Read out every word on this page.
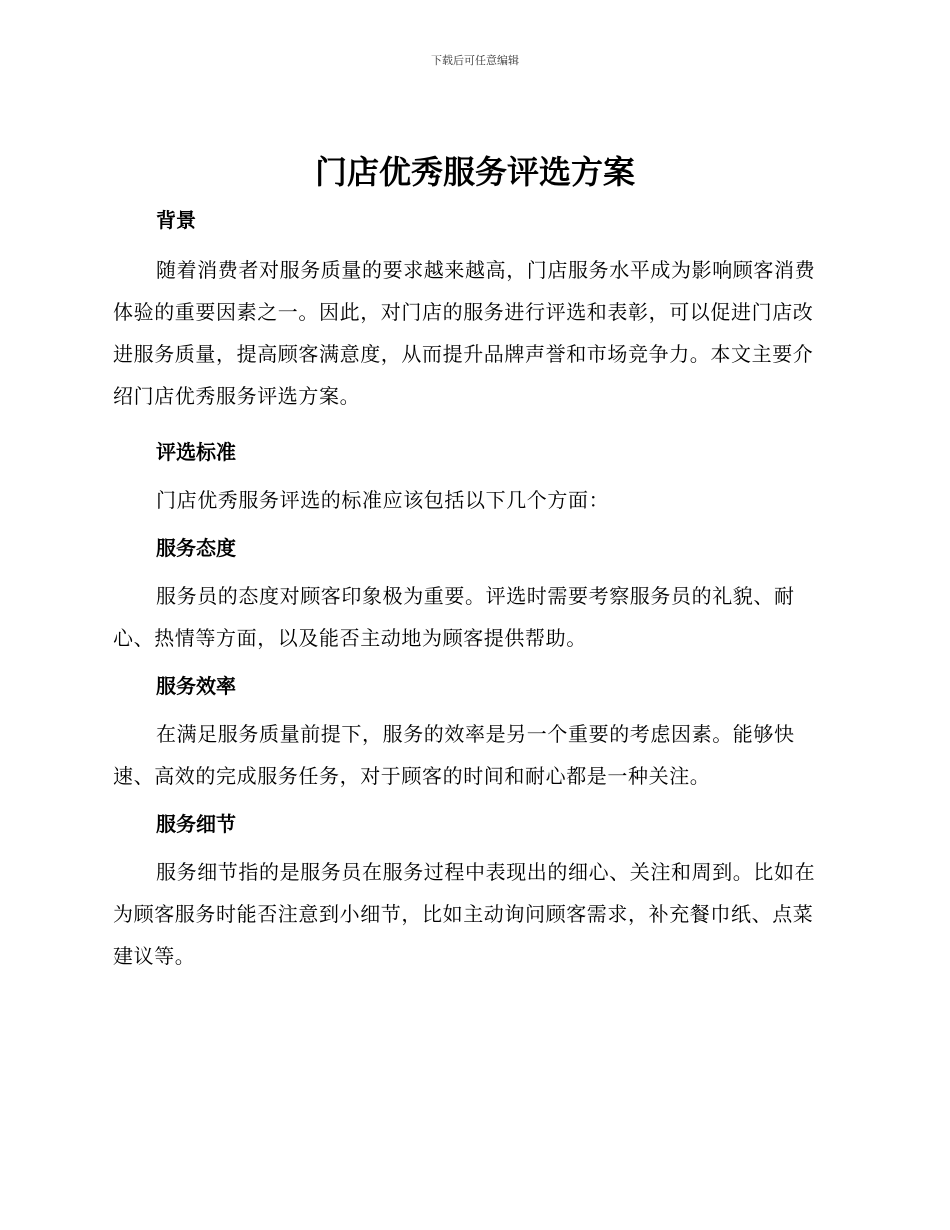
下载后可任意编辑
门店优秀服务评选方案
背景

随着消费者对服务质量的要求越来越高，门店服务水平成为影响顾客消费体验的重要因素之一。因此，对门店的服务进行评选和表彰，可以促进门店改进服务质量，提高顾客满意度，从而提升品牌声誉和市场竞争力。本文主要介绍门店优秀服务评选方案。

评选标准

门店优秀服务评选的标准应该包括以下几个方面：

服务态度

服务员的态度对顾客印象极为重要。评选时需要考察服务员的礼貌、耐心、热情等方面，以及能否主动地为顾客提供帮助。

服务效率

在满足服务质量前提下，服务的效率是另一个重要的考虑因素。能够快速、高效的完成服务任务，对于顾客的时间和耐心都是一种关注。

服务细节

服务细节指的是服务员在服务过程中表现出的细心、关注和周到。比如在为顾客服务时能否注意到小细节，比如主动询问顾客需求，补充餐巾纸、点菜建议等。
